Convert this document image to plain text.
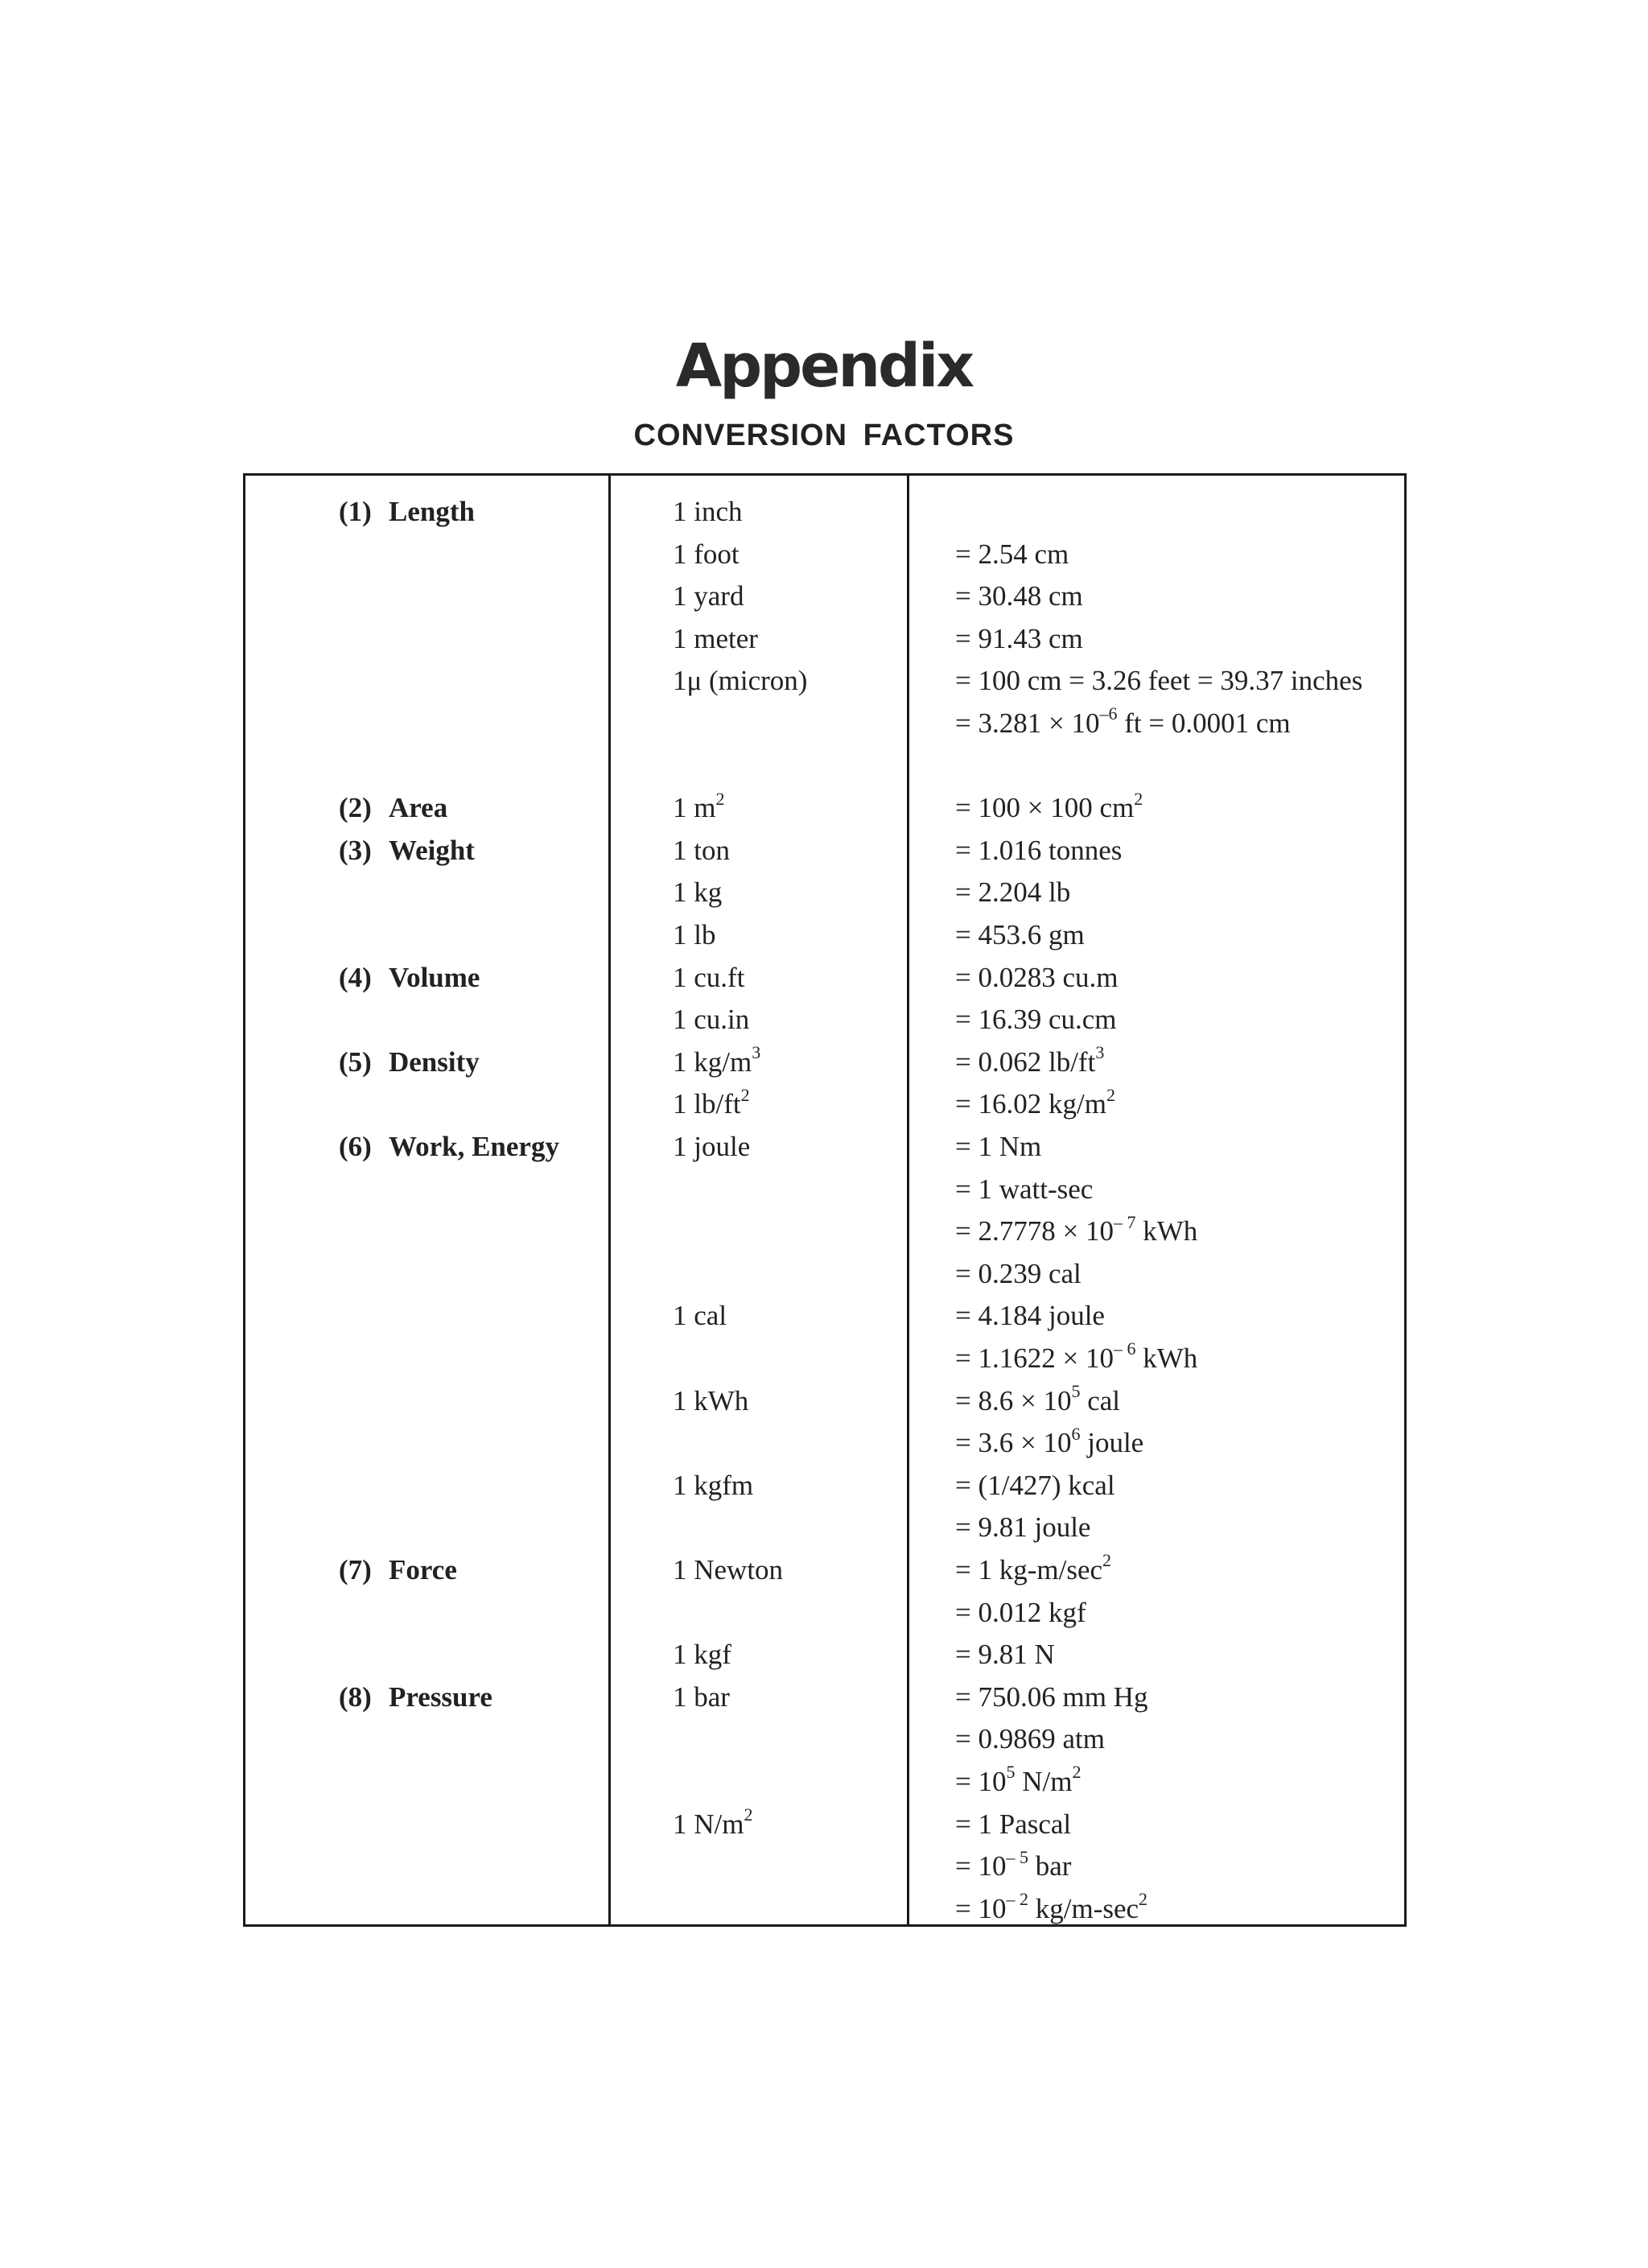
Appendix
CONVERSION FACTORS
(1) Length	1 inch
1 foot	= 2.54 cm
1 yard	= 30.48 cm
1 meter	= 91.43 cm
1μ (micron)	= 100 cm = 3.26 feet = 39.37 inches
= $3.281 \times 10^{-6}$ ft = 0.0001 cm
(2) Area	1 $m^2$	= 100 × 100 $cm^2$
(3) Weight	1 ton	= 1.016 tonnes
1 kg	= 2.204 lb
1 lb	= 453.6 gm
(4) Volume	1 cu.ft	= 0.0283 cu.m
1 cu.in	= 16.39 cu.cm
(5) Density	1 $kg/m^3$	= 0.062 $lb/ft^3$
1 $lb/ft^2$	= 16.02 $kg/m^2$
(6) Work, Energy	1 joule	= 1 Nm
= 1 watt-sec
= $2.7778 \times 10^{- 7}$ kWh
= 0.239 cal
1 cal	= 4.184 joule
= $1.1622 \times 10^{- 6}$ kWh
1 kWh	= $8.6 \times 10^5$ cal
= $3.6 \times 10^6$ joule
1 kgfm	= (1/427) kcal
= 9.81 joule
(7) Force	1 Newton	= 1 $kg-m/\sec^2$
= 0.012 kgf
1 kgf	= 9.81 N
(8) Pressure	1 bar	= 750.06 mm Hg
= 0.9869 atm
= $10^5$ $N/m^2$
1 $N/m^2$	= 1 Pascal
= $10^{- 5}$ bar
= $10^{- 2}$ $kg/m-\sec^2$
